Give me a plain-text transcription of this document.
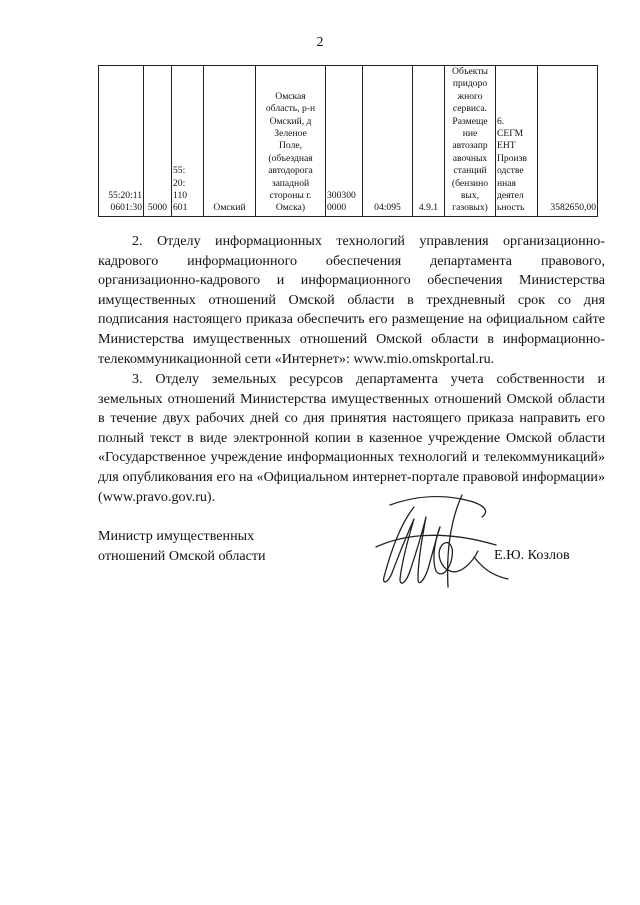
2
55:20:11
0601:30	5000	55:
20:
110
601	Омский	Омская
область, р-н
Омский, д
Зеленое
Поле,
(объездная
автодорога
западной
стороны г.
Омска)	300300
0000	04:095	4.9.1	Объекты
придоро
жного
сервиса.
Размеще
ние
автозапр
авочных
станций
(бензино
вых,
газовых)	6.
СЕГМ
ЕНТ
Произв
одстве
нная
деятел
ьность	3582650,00

2. Отделу информационных технологий управления организационно-кадрового информационного обеспечения департамента правового, организационно-кадрового и информационного обеспечения Министерства имущественных отношений Омской области в трехдневный срок со дня подписания настоящего приказа обеспечить его размещение на официальном сайте Министерства имущественных отношений Омской области в информационно-телекоммуникационной сети «Интернет»: www.mio.omskportal.ru.

3. Отделу земельных ресурсов департамента учета собственности и земельных отношений Министерства имущественных отношений Омской области в течение двух рабочих дней со дня принятия настоящего приказа направить его полный текст в виде электронной копии в казенное учреждение Омской области «Государственное учреждение информационных технологий и телекоммуникаций» для опубликования его на «Официальном интернет-портале правовой информации» (www.pravo.gov.ru).

Министр имущественных
отношений Омской области	Е.Ю. Козлов
